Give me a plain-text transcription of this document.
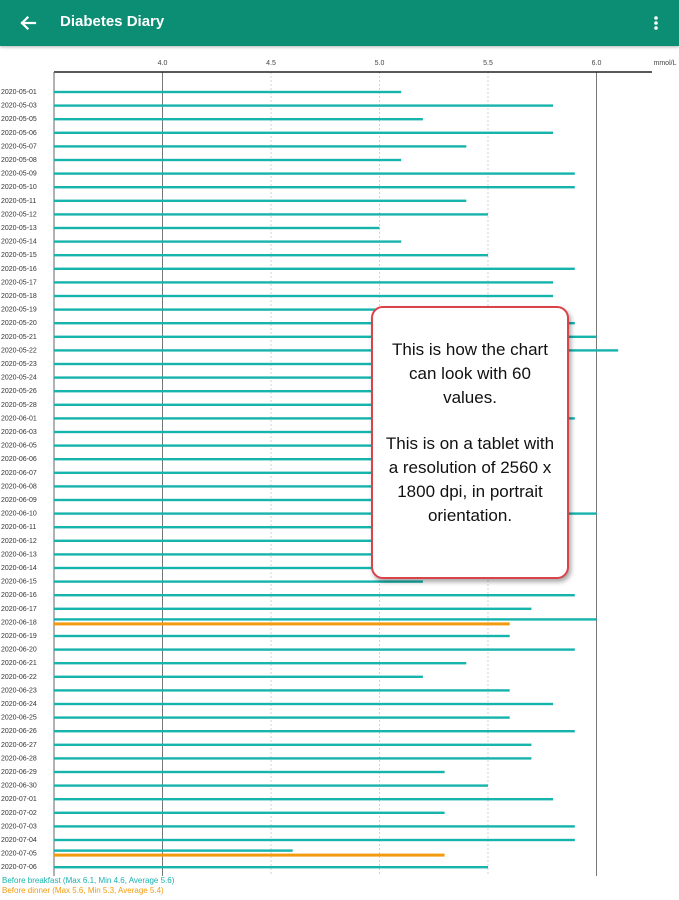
Diabetes Diary
4.0	4.5	5.0	5.5	6.0	mmol/L
2020-05-01
2020-05-03
2020-05-05
2020-05-06
2020-05-07
2020-05-08
2020-05-09
2020-05-10
2020-05-11
2020-05-12
2020-05-13
2020-05-14
2020-05-15
2020-05-16
2020-05-17
2020-05-18
2020-05-19
2020-05-20
2020-05-21
2020-05-22
2020-05-23
2020-05-24
2020-05-26
2020-05-28
2020-06-01
2020-06-03
2020-06-05
2020-06-06
2020-06-07
2020-06-08
2020-06-09
2020-06-10
2020-06-11
2020-06-12
2020-06-13
2020-06-14
2020-06-15
2020-06-16
2020-06-17
2020-06-18
2020-06-19
2020-06-20
2020-06-21
2020-06-22
2020-06-23
2020-06-24
2020-06-25
2020-06-26
2020-06-27
2020-06-28
2020-06-29
2020-06-30
2020-07-01
2020-07-02
2020-07-03
2020-07-04
2020-07-05
2020-07-06

This is how the chart can look with 60 values.

This is on a tablet with a resolution of 2560 x 1800 dpi, in portrait orientation.

Before breakfast (Max 6.1, Min 4.6, Average 5.6)
Before dinner (Max 5.6, Min 5.3, Average 5.4)
